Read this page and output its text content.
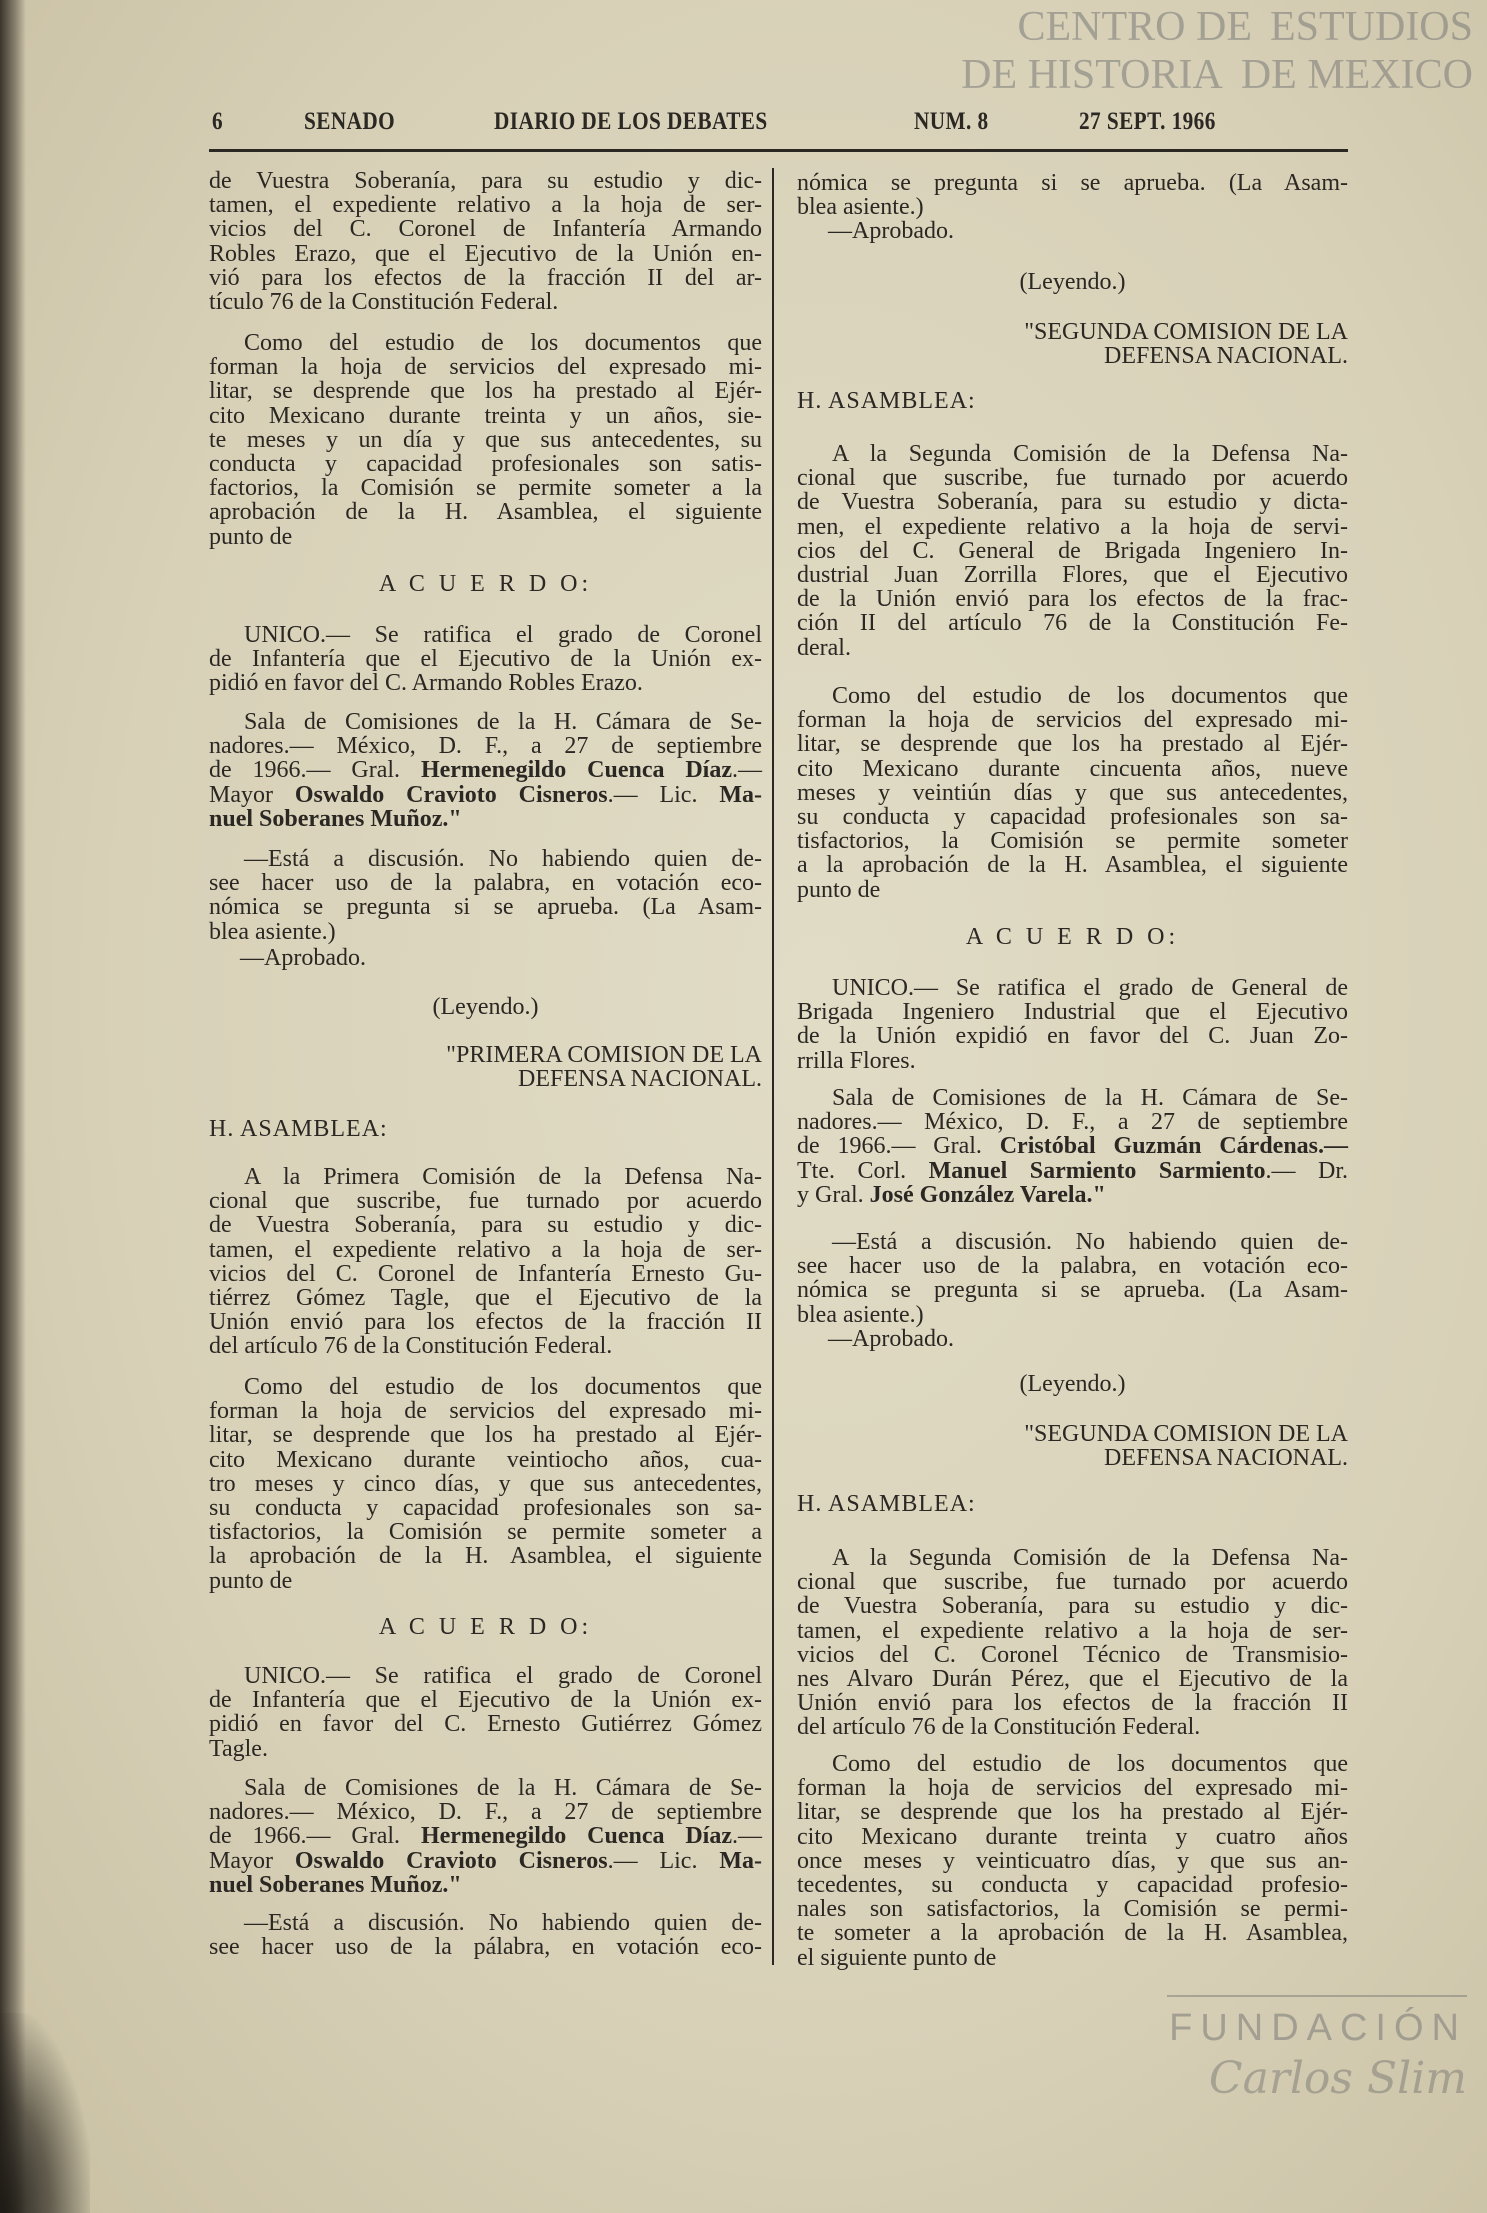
CENTRO DE ESTUDIOS
DE HISTORIA DE MEXICO
FUNDACIÓN
Carlos Slim
6	SENADO	DIARIO DE LOS DEBATES	NUM. 8	27 SEPT. 1966
de Vuestra Soberanía, para su estudio y dic-
tamen, el expediente relativo a la hoja de ser-
vicios del C. Coronel de Infantería Armando
Robles Erazo, que el Ejecutivo de la Unión en-
vió para los efectos de la fracción II del ar-
tículo 76 de la Constitución Federal.
Como del estudio de los documentos que
forman la hoja de servicios del expresado mi-
litar, se desprende que los ha prestado al Ejér-
cito Mexicano durante treinta y un años, sie-
te meses y un día y que sus antecedentes, su
conducta y capacidad profesionales son satis-
factorios, la Comisión se permite someter a la
aprobación de la H. Asamblea, el siguiente
punto de
A C U E R D O:
UNICO.— Se ratifica el grado de Coronel
de Infantería que el Ejecutivo de la Unión ex-
pidió en favor del C. Armando Robles Erazo.
Sala de Comisiones de la H. Cámara de Se-
nadores.— México, D. F., a 27 de septiembre
de 1966.— Gral. Hermenegildo Cuenca Díaz.—
Mayor Oswaldo Cravioto Cisneros.— Lic. Ma-
nuel Soberanes Muñoz."
—Está a discusión. No habiendo quien de-
see hacer uso de la palabra, en votación eco-
nómica se pregunta si se aprueba. (La Asam-
blea asiente.)
—Aprobado.
(Leyendo.)
"PRIMERA COMISION DE LA
DEFENSA NACIONAL.
H. ASAMBLEA:
A la Primera Comisión de la Defensa Na-
cional que suscribe, fue turnado por acuerdo
de Vuestra Soberanía, para su estudio y dic-
tamen, el expediente relativo a la hoja de ser-
vicios del C. Coronel de Infantería Ernesto Gu-
tiérrez Gómez Tagle, que el Ejecutivo de la
Unión envió para los efectos de la fracción II
del artículo 76 de la Constitución Federal.
Como del estudio de los documentos que
forman la hoja de servicios del expresado mi-
litar, se desprende que los ha prestado al Ejér-
cito Mexicano durante veintiocho años, cua-
tro meses y cinco días, y que sus antecedentes,
su conducta y capacidad profesionales son sa-
tisfactorios, la Comisión se permite someter a
la aprobación de la H. Asamblea, el siguiente
punto de
A C U E R D O:
UNICO.— Se ratifica el grado de Coronel
de Infantería que el Ejecutivo de la Unión ex-
pidió en favor del C. Ernesto Gutiérrez Gómez
Tagle.
Sala de Comisiones de la H. Cámara de Se-
nadores.— México, D. F., a 27 de septiembre
de 1966.— Gral. Hermenegildo Cuenca Díaz.—
Mayor Oswaldo Cravioto Cisneros.— Lic. Ma-
nuel Soberanes Muñoz."
—Está a discusión. No habiendo quien de-
see hacer uso de la pálabra, en votación eco-
nómica se pregunta si se aprueba. (La Asam-
blea asiente.)
—Aprobado.
(Leyendo.)
"SEGUNDA COMISION DE LA
DEFENSA NACIONAL.
H. ASAMBLEA:
A la Segunda Comisión de la Defensa Na-
cional que suscribe, fue turnado por acuerdo
de Vuestra Soberanía, para su estudio y dicta-
men, el expediente relativo a la hoja de servi-
cios del C. General de Brigada Ingeniero In-
dustrial Juan Zorrilla Flores, que el Ejecutivo
de la Unión envió para los efectos de la frac-
ción II del artículo 76 de la Constitución Fe-
deral.
Como del estudio de los documentos que
forman la hoja de servicios del expresado mi-
litar, se desprende que los ha prestado al Ejér-
cito Mexicano durante cincuenta años, nueve
meses y veintiún días y que sus antecedentes,
su conducta y capacidad profesionales son sa-
tisfactorios, la Comisión se permite someter
a la aprobación de la H. Asamblea, el siguiente
punto de
A C U E R D O:
UNICO.— Se ratifica el grado de General de
Brigada Ingeniero Industrial que el Ejecutivo
de la Unión expidió en favor del C. Juan Zo-
rrilla Flores.
Sala de Comisiones de la H. Cámara de Se-
nadores.— México, D. F., a 27 de septiembre
de 1966.— Gral. Cristóbal Guzmán Cárdenas.—
Tte. Corl. Manuel Sarmiento Sarmiento.— Dr.
y Gral. José González Varela."
—Está a discusión. No habiendo quien de-
see hacer uso de la palabra, en votación eco-
nómica se pregunta si se aprueba. (La Asam-
blea asiente.)
—Aprobado.
(Leyendo.)
"SEGUNDA COMISION DE LA
DEFENSA NACIONAL.
H. ASAMBLEA:
A la Segunda Comisión de la Defensa Na-
cional que suscribe, fue turnado por acuerdo
de Vuestra Soberanía, para su estudio y dic-
tamen, el expediente relativo a la hoja de ser-
vicios del C. Coronel Técnico de Transmisio-
nes Alvaro Durán Pérez, que el Ejecutivo de la
Unión envió para los efectos de la fracción II
del artículo 76 de la Constitución Federal.
Como del estudio de los documentos que
forman la hoja de servicios del expresado mi-
litar, se desprende que los ha prestado al Ejér-
cito Mexicano durante treinta y cuatro años
once meses y veinticuatro días, y que sus an-
tecedentes, su conducta y capacidad profesio-
nales son satisfactorios, la Comisión se permi-
te someter a la aprobación de la H. Asamblea,
el siguiente punto de
